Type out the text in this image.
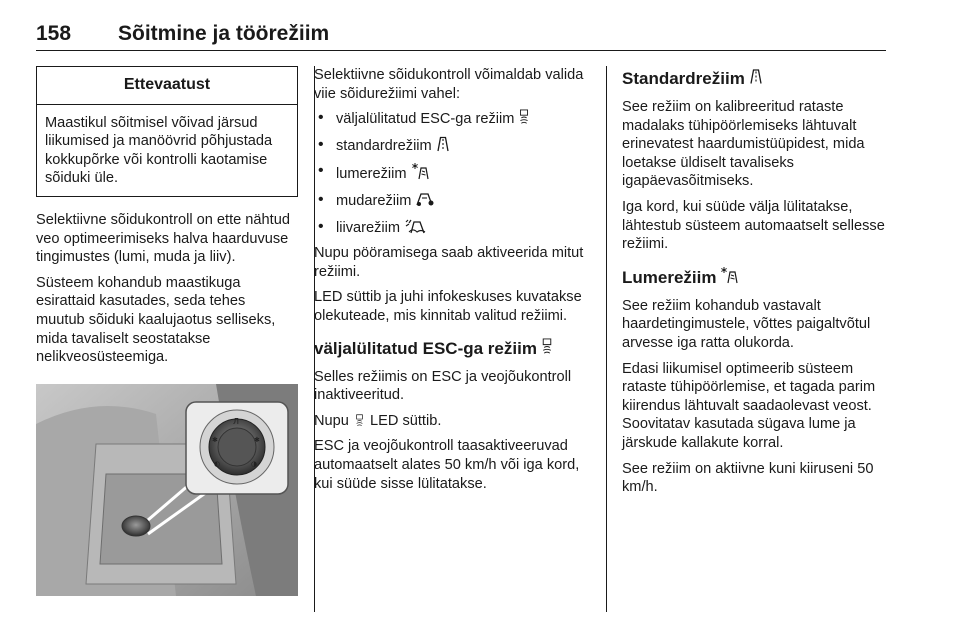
158 Sõitmine ja töörežiim
Ettevaatust
Maastikul sõitmisel võivad järsud liikumised ja manöövrid põhjustada kokkupõrke või kontrolli kaotamise sõiduki üle.

Selektiivne sõidukontroll on ette nähtud veo optimeerimiseks halva haarduvuse tingimustes (lumi, muda ja liiv).

Süsteem kohandub maastikuga esirattaid kasutades, seda tehes muutub sõiduki kaalujaotus selliseks, mida tavaliselt seostatakse nelikveosüsteemiga.

Л
✱	✱
◐	◑

Selektiivne sõidukontroll võimaldab valida viie sõidurežiimi vahel:

• väljalülitatud ESC-ga režiim
• standardrežiim
• lumerežiim
• mudarežiim
• liivarežiim

Nupu pööramisega saab aktiveerida mitut režiimi.

LED süttib ja juhi infokeskuses kuvatakse olekuteade, mis kinnitab valitud režiimi.

väljalülitatud ESC-ga režiim

Selles režiimis on ESC ja veojõukontroll inaktiveeritud.

Nupu LED süttib.

ESC ja veojõukontroll taasaktiveeruvad automaatselt alates 50 km/h või iga kord, kui süüde sisse lülitatakse.

Standardrežiim

See režiim on kalibreeritud rataste madalaks tühipöörlemiseks lähtuvalt erinevatest haardumistüüpidest, mida loetakse üldiselt tavaliseks igapäevasõitmiseks.

Iga kord, kui süüde välja lülitatakse, lähtestub süsteem automaatselt sellesse režiimi.

Lumerežiim

See režiim kohandub vastavalt haardetingimustele, võttes paigaltvõtul arvesse iga ratta olukorda.

Edasi liikumisel optimeerib süsteem rataste tühipöörlemise, et tagada parim kiirendus lähtuvalt saadaolevast veost. Soovitatav kasutada sügava lume ja järskude kallakute korral.

See režiim on aktiivne kuni kiiruseni 50 km/h.
